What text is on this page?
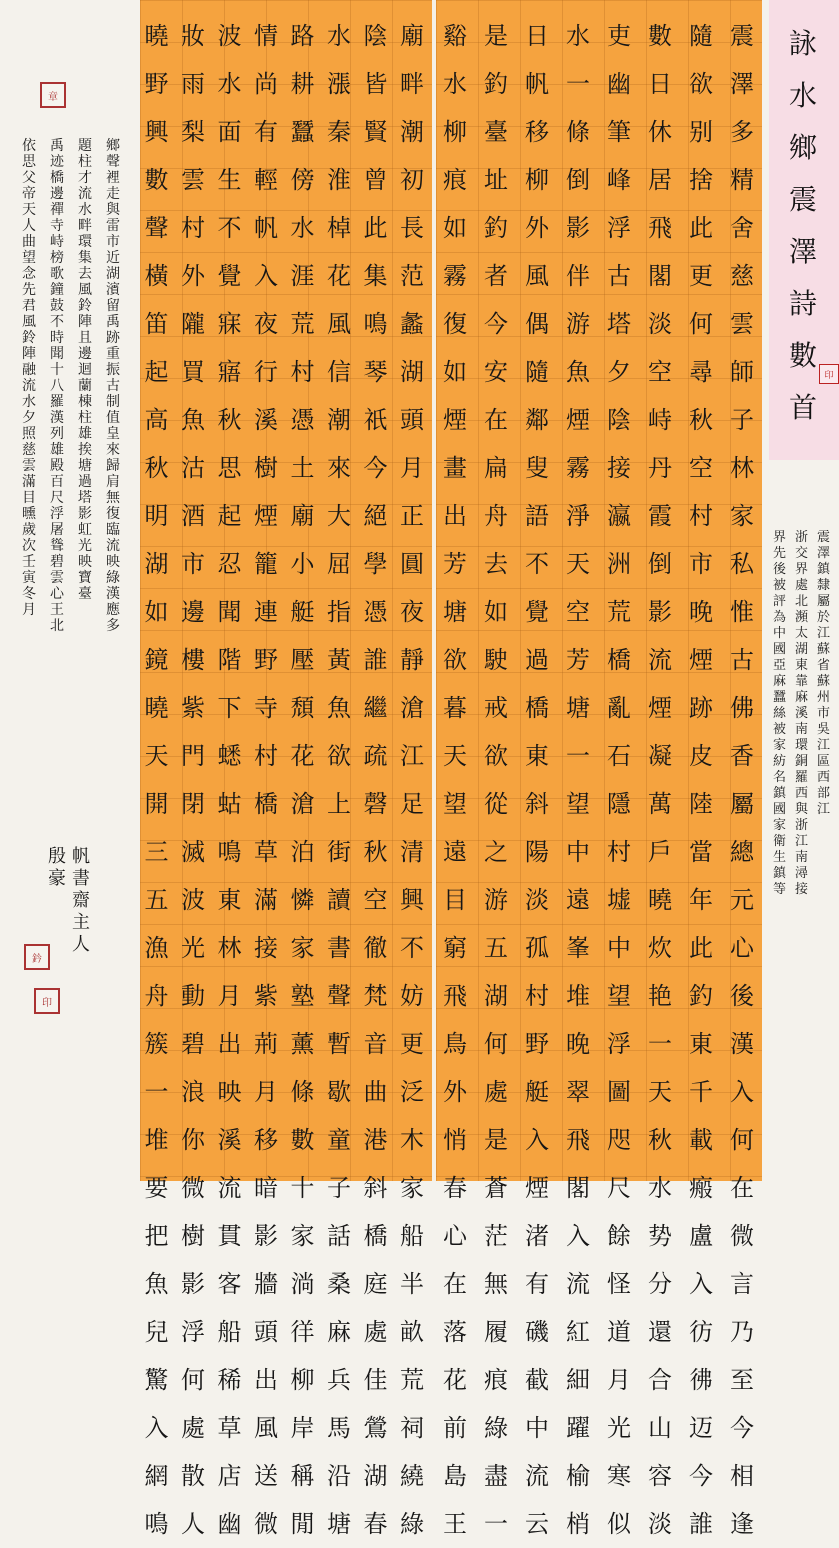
震
澤
多
精
舍
慈
雲
師
子
林
家
私
惟
古
佛
香
屬
總
元
心
後
漢
入
何
在
微
言
乃
至
今
相
逢
隨
欲
别
捨
此
更
何
尋
秋
空
村
市
晚
煙
跡
皮
陸
當
年
此
釣
東
千
載
瘢
盧
入
彷
彿
迈
今
誰
數
日
休
居
飛
閣
淡
空
峙
丹
霞
倒
影
流
煙
凝
萬
戶
曉
炊
艳
一
天
秋
水
势
分
還
合
山
容
淡
吏
幽
筆
峰
浮
古
塔
夕
陰
接
瀛
洲
荒
橋
亂
石
隱
村
墟
中
望
浮
圖
咫
尺
餘
怪
道
月
光
寒
似
水
一
條
倒
影
伴
游
魚
煙
霧
淨
天
空
芳
塘
一
望
中
遠
峯
堆
晚
翠
飛
閣
入
流
紅
細
躍
榆
梢
日
帆
移
柳
外
風
偶
隨
鄰
叟
語
不
覺
過
橋
東
斜
陽
淡
孤
村
野
艇
入
煙
渚
有
磯
截
中
流
云
是
釣
臺
址
釣
者
今
安
在
扁
舟
去
如
駛
戒
欲
從
之
游
五
湖
何
處
是
蒼
茫
無
履
痕
綠
盡
一
谿
水
柳
痕
如
霧
復
如
煙
畫
出
芳
塘
欲
暮
天
望
遠
目
窮
飛
鳥
外
悄
春
心
在
落
花
前
島
王
廟
畔
潮
初
長
范
蠡
湖
頭
月
正
圓
夜
靜
滄
江
足
清
興
不
妨
更
泛
木
家
船
半
畝
荒
祠
繞
綠
陰
皆
賢
曾
此
集
鳴
琴
祇
今
絕
學
憑
誰
繼
疏
磬
秋
空
徹
梵
音
曲
港
斜
橋
庭
處
佳
鶯
湖
春
水
漲
秦
淮
棹
花
風
信
潮
來
大
屈
指
黃
魚
欲
上
街
讀
書
聲
暫
歇
童
子
話
桑
麻
兵
馬
沿
塘
路
耕
蠶
傍
水
涯
荒
村
憑
土
廟
小
艇
壓
頹
花
滄
泊
憐
家
塾
薰
條
數
十
家
淌
徉
柳
岸
稱
閒
情
尚
有
輕
帆
入
夜
行
溪
樹
煙
籠
連
野
寺
村
橋
草
滿
接
紫
荊
月
移
暗
影
牆
頭
出
風
送
微
波
水
面
生
不
覺
寐
寤
秋
思
起
忍
聞
階
下
蟋
蛄
鳴
東
林
月
出
映
溪
流
貫
客
船
稀
草
店
幽
妝
雨
梨
雲
村
外
隴
買
魚
沽
酒
市
邊
樓
紫
門
閉
滅
波
光
動
碧
浪
你
微
樹
影
浮
何
處
散
人
曉
野
興
數
聲
橫
笛
起
高
秋
明
湖
如
鏡
曉
天
開
三
五
漁
舟
簇
一
堆
要
把
魚
兒
驚
入
網
鳴
詠
水
鄉
震
澤
詩
數
首
印
震
澤
鎮
隸
屬
於
江
蘇
省
蘇
州
市
吳
江
區
西
部
江
浙
交
界
處
北
瀕
太
湖
東
靠
麻
溪
南
環
銅
羅
西
與
浙
江
南
潯
接
界
先
後
被
評
為
中
國
亞
麻
蠶
絲
被
家
紡
名
鎮
國
家
衛
生
鎮
等
鄉
聲
裡
走
與
雷
市
近
湖
濱
留
禹
跡
重
振
古
制
值
皇
來
歸
肩
無
復
臨
流
映
綠
漢
應
多
題
柱
才
流
水
畔
環
集
去
風
鈴
陣
且
邊
迴
蘭
棟
柱
雄
挨
塘
過
塔
影
虹
光
映
寶
臺
禹
迹
橋
邊
禪
寺
峙
榜
歌
鐘
鼓
不
時
聞
十
八
羅
漢
列
雄
殿
百
尺
浮
屠
聳
碧
雲
心
王
北
依
思
父
帝
天
人
曲
望
念
先
君
風
鈴
陣
融
流
水
夕
照
慈
雲
滿
目
曛
歲
次
壬
寅
冬
月
帆
書
齋
主
人
殷
豪
章
鈐
印
